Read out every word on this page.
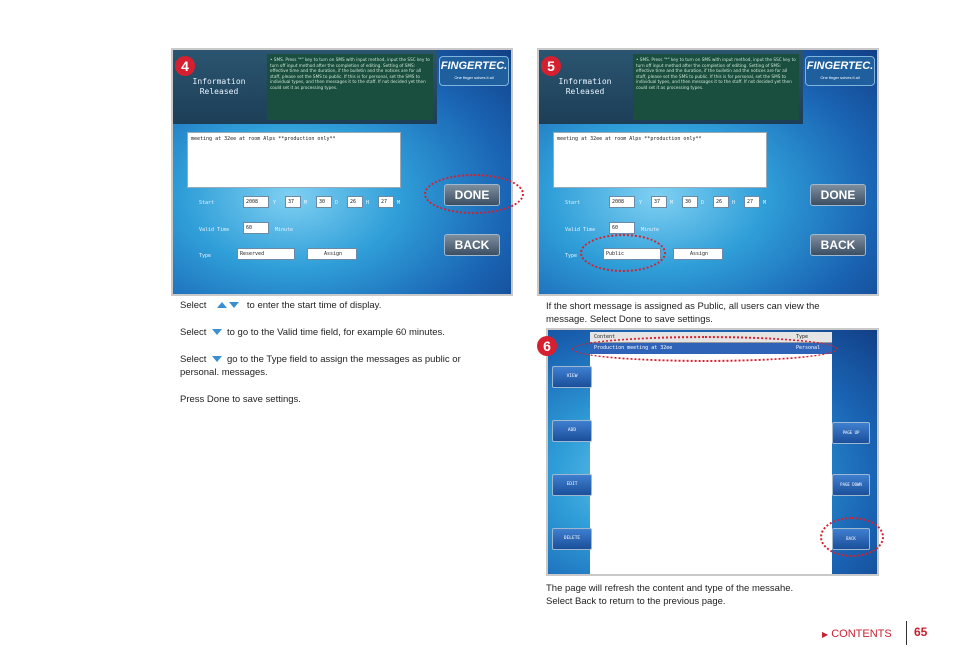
Information Released
• SMS. Press "*" key to turn on SMS with input method, input the SSC key to turn off input method after the completion of editing. Setting of SMS: effective time and the duration, if the bulletin and the notices are for all staff, please set the SMS to public. If this is for personal, set the SMS to individual types, and then messages it to the staff. If not decided yet then could set it as processing types.
FINGERTEC.
One finger solves it all
meeting at 32ee at room Alps **production only**
Start	2008	Y	37	M	30	D	26	H	27	M
Valid Time	60	Minute
Type	Reserved	Assign
DONE
BACK
4
Information Released
• SMS. Press "*" key to turn on SMS with input method, input the SSC key to turn off input method after the completion of editing. Setting of SMS: effective time and the duration, if the bulletin and the notices are for all staff, please set the SMS to public. If this is for personal, set the SMS to individual types, and then messages it to the staff. If not decided yet then could set it as processing types.
FINGERTEC.
One finger solves it all
meeting at 32ee at room Alps **production only**
Start	2008	Y	37	M	30	D	26	H	27	M
Valid Time	60	Minute
Type	Public	Assign
DONE
BACK
5
Content	Type
Production meeting at 32ee	Personal
VIEW
ADD
EDIT
DELETE
PAGE UP
PAGE DOWN
BACK
6
Select	to enter the start time of display.
Select to go to the Valid time field, for example 60 minutes.
Select go to the Type field to assign the messages as public or
personal. messages.
Press Done to save settings.
If the short message is assigned as Public, all users can view the
message. Select Done to save settings.
The page will refresh the content and type of the messahe.
Select Back to return to the previous page.
▶ CONTENTS 65
